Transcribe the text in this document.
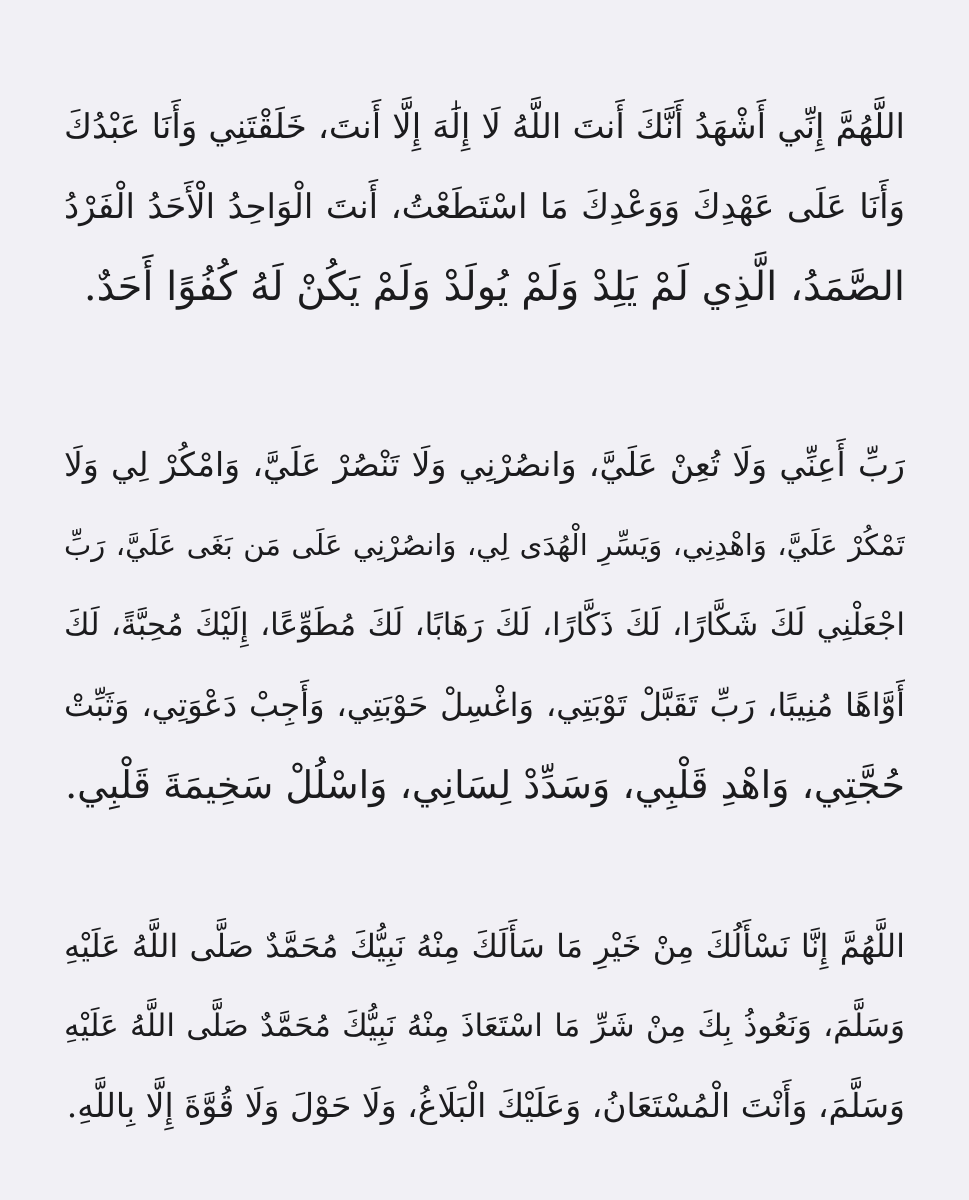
اللَّهُمَّ إِنِّي أَشْهَدُ أَنَّكَ أَنتَ اللَّهُ لَا إِلَٰهَ إِلَّا أَنتَ، خَلَقْتَنِي وَأَنَا عَبْدُكَ
وَأَنَا عَلَى عَهْدِكَ وَوَعْدِكَ مَا اسْتَطَعْتُ، أَنتَ الْوَاحِدُ الْأَحَدُ الْفَرْدُ
الصَّمَدُ، الَّذِي لَمْ يَلِدْ وَلَمْ يُولَدْ وَلَمْ يَكُنْ لَهُ كُفُوًا أَحَدٌ.
رَبِّ أَعِنِّي وَلَا تُعِنْ عَلَيَّ، وَانصُرْنِي وَلَا تَنْصُرْ عَلَيَّ، وَامْكُرْ لِي وَلَا
تَمْكُرْ عَلَيَّ، وَاهْدِنِي، وَيَسِّرِ الْهُدَى لِي، وَانصُرْنِي عَلَى مَن بَغَى عَلَيَّ، رَبِّ
اجْعَلْنِي لَكَ شَكَّارًا، لَكَ ذَكَّارًا، لَكَ رَهَابًا، لَكَ مُطَوِّعًا، إِلَيْكَ مُحِبَّةً، لَكَ
أَوَّاهًا مُنِيبًا، رَبِّ تَقَبَّلْ تَوْبَتِي، وَاغْسِلْ حَوْبَتِي، وَأَجِبْ دَعْوَتِي، وَثَبِّتْ
حُجَّتِي، وَاهْدِ قَلْبِي، وَسَدِّدْ لِسَانِي، وَاسْلُلْ سَخِيمَةَ قَلْبِي.
اللَّهُمَّ إِنَّا نَسْأَلُكَ مِنْ خَيْرِ مَا سَأَلَكَ مِنْهُ نَبِيُّكَ مُحَمَّدٌ صَلَّى اللَّهُ عَلَيْهِ
وَسَلَّمَ، وَنَعُوذُ بِكَ مِنْ شَرِّ مَا اسْتَعَاذَ مِنْهُ نَبِيُّكَ مُحَمَّدٌ صَلَّى اللَّهُ عَلَيْهِ
وَسَلَّمَ، وَأَنْتَ الْمُسْتَعَانُ، وَعَلَيْكَ الْبَلَاغُ، وَلَا حَوْلَ وَلَا قُوَّةَ إِلَّا بِاللَّهِ.
